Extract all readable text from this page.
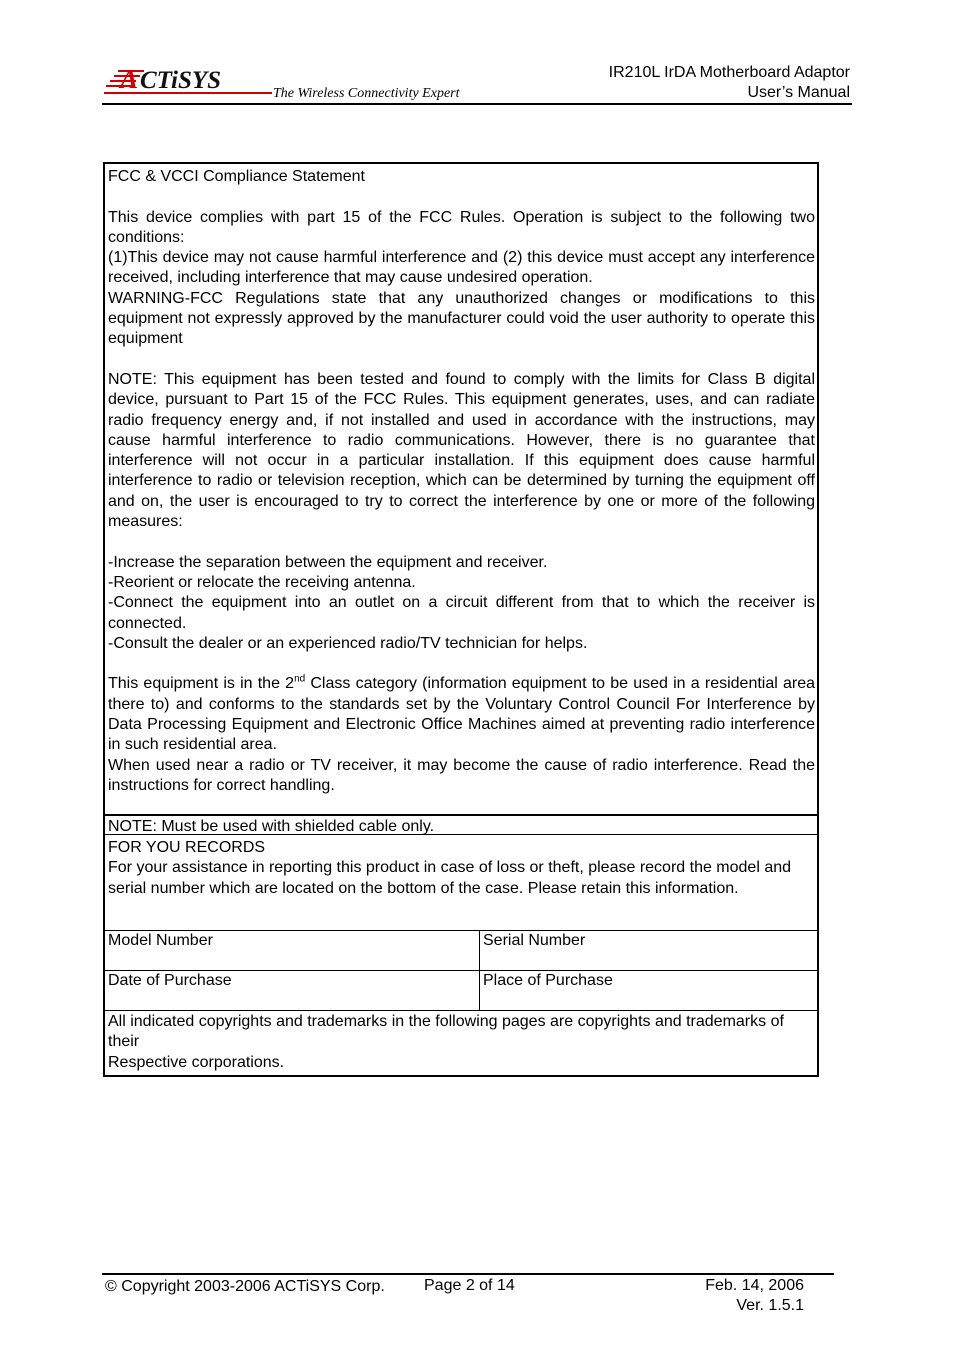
A CTiSYS	The Wireless Connectivity Expert
IR210L IrDA Motherboard Adaptor
User’s Manual

FCC & VCCI Compliance Statement

This device complies with part 15 of the FCC Rules. Operation is subject to the following two conditions:

(1)This device may not cause harmful interference and (2) this device must accept any interference received, including interference that may cause undesired operation.

WARNING-FCC Regulations state that any unauthorized changes or modifications to this equipment not expressly approved by the manufacturer could void the user authority to operate this equipment

NOTE: This equipment has been tested and found to comply with the limits for Class B digital device, pursuant to Part 15 of the FCC Rules. This equipment generates, uses, and can radiate radio frequency energy and, if not installed and used in accordance with the instructions, may cause harmful interference to radio communications. However, there is no guarantee that interference will not occur in a particular installation. If this equipment does cause harmful interference to radio or television reception, which can be determined by turning the equipment off and on, the user is encouraged to try to correct the interference by one or more of the following measures:

-Increase the separation between the equipment and receiver.

-Reorient or relocate the receiving antenna.

-Connect the equipment into an outlet on a circuit different from that to which the receiver is connected.

-Consult the dealer or an experienced radio/TV technician for helps.

This equipment is in the 2nd Class category (information equipment to be used in a residential area there to) and conforms to the standards set by the Voluntary Control Council For Interference by Data Processing Equipment and Electronic Office Machines aimed at preventing radio interference in such residential area.

When used near a radio or TV receiver, it may become the cause of radio interference. Read the instructions for correct handling.

NOTE: Must be used with shielded cable only.

FOR YOU RECORDS

For your assistance in reporting this product in case of loss or theft, please record the model and serial number which are located on the bottom of the case. Please retain this information.

Model Number	Serial Number
Date of Purchase	Place of Purchase

All indicated copyrights and trademarks in the following pages are copyrights and trademarks of their

Respective corporations.

© Copyright 2003-2006 ACTiSYS Corp. Page 2 of 14	Feb. 14, 2006
Ver. 1.5.1
